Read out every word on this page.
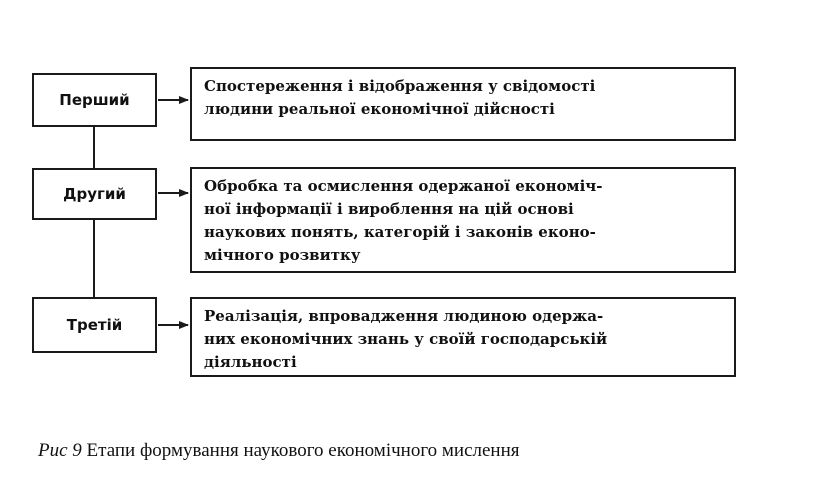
Перший
Спостереження і відображення у свідомості
людини реальної економічної дійсності
Другий	Обробка та осмислення одержаної економіч-
ної інформації і вироблення на цій основі
наукових понять, категорій і законів еконо-
мічного розвитку
Третій	Реалізація, впровадження людиною одержа-
них економічних знань у своїй господарській
діяльності
Рис 9 Етапи формування наукового економічного мислення
